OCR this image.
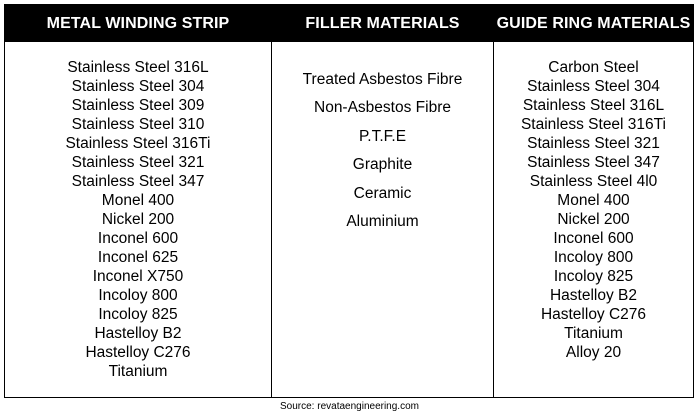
METAL WINDING STRIP
Stainless Steel 316L
Stainless Steel 304
Stainless Steel 309
Stainless Steel 310
Stainless Steel 316Ti
Stainless Steel 321
Stainless Steel 347
Monel 400
Nickel 200
Inconel 600
Inconel 625
Inconel X750
Incoloy 800
Incoloy 825
Hastelloy B2
Hastelloy C276
Titanium
FILLER MATERIALS
Treated Asbestos Fibre
Non-Asbestos Fibre
P.T.F.E
Graphite
Ceramic
Aluminium
GUIDE RING MATERIALS
Carbon Steel
Stainless Steel 304
Stainless Steel 316L
Stainless Steel 316Ti
Stainless Steel 321
Stainless Steel 347
Stainless Steel 4l0
Monel 400
Nickel 200
Inconel 600
Incoloy 800
Incoloy 825
Hastelloy B2
Hastelloy C276
Titanium
Alloy 20
Source: revataengineering.com
